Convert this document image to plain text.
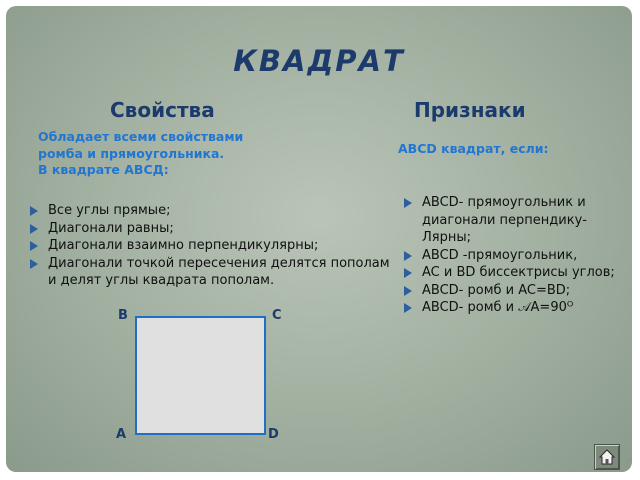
КВАДРАТ
Свойства	Признаки
Обладает всеми свойствами
ромба и прямоугольника.
В квадрате АВСД:
ABCD квадрат, если:
Все углы прямые;
Диагонали равны;
Диагонали взаимно перпендикулярны;
Диагонали точкой пересечения делятся пополам и делят углы квадрата пополам.
ABCD- прямоугольник и диагонали перпендику-Лярны;
ABCD -прямоугольник,
AC и BD биссектрисы углов;
ABCD- ромб и AC=BD;
ABCD- ромб и 𝒜A=90ᴼ
B	C
A	D
